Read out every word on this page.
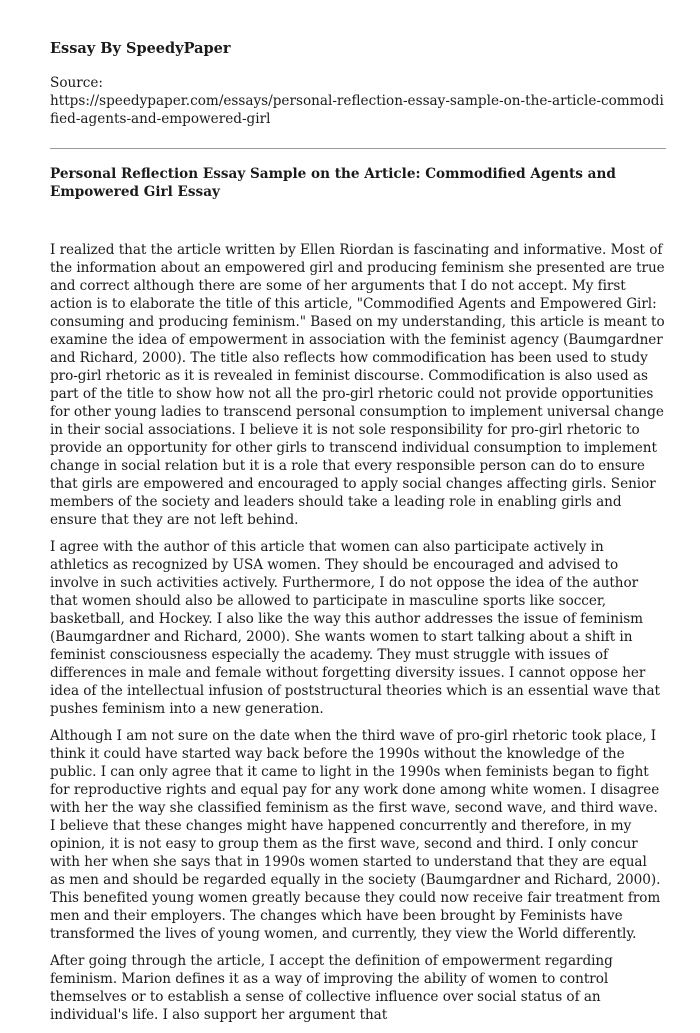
Essay By SpeedyPaper
Source:
https://speedypaper.com/essays/personal-reflection-essay-sample-on-the-article-commodified-agents-and-empowered-girl
Personal Reflection Essay Sample on the Article: Commodified Agents and Empowered Girl Essay

I realized that the article written by Ellen Riordan is fascinating and informative. Most of the information about an empowered girl and producing feminism she presented are true and correct although there are some of her arguments that I do not accept. My first action is to elaborate the title of this article, "Commodified Agents and Empowered Girl: consuming and producing feminism." Based on my understanding, this article is meant to examine the idea of empowerment in association with the feminist agency (Baumgardner and Richard, 2000). The title also reflects how commodification has been used to study pro-girl rhetoric as it is revealed in feminist discourse. Commodification is also used as part of the title to show how not all the pro-girl rhetoric could not provide opportunities for other young ladies to transcend personal consumption to implement universal change in their social associations. I believe it is not sole responsibility for pro-girl rhetoric to provide an opportunity for other girls to transcend individual consumption to implement change in social relation but it is a role that every responsible person can do to ensure that girls are empowered and encouraged to apply social changes affecting girls. Senior members of the society and leaders should take a leading role in enabling girls and ensure that they are not left behind.

I agree with the author of this article that women can also participate actively in athletics as recognized by USA women. They should be encouraged and advised to involve in such activities actively. Furthermore, I do not oppose the idea of the author that women should also be allowed to participate in masculine sports like soccer, basketball, and Hockey. I also like the way this author addresses the issue of feminism (Baumgardner and Richard, 2000). She wants women to start talking about a shift in feminist consciousness especially the academy. They must struggle with issues of differences in male and female without forgetting diversity issues. I cannot oppose her idea of the intellectual infusion of poststructural theories which is an essential wave that pushes feminism into a new generation.

Although I am not sure on the date when the third wave of pro-girl rhetoric took place, I think it could have started way back before the 1990s without the knowledge of the public. I can only agree that it came to light in the 1990s when feminists began to fight for reproductive rights and equal pay for any work done among white women. I disagree with her the way she classified feminism as the first wave, second wave, and third wave. I believe that these changes might have happened concurrently and therefore, in my opinion, it is not easy to group them as the first wave, second and third. I only concur with her when she says that in 1990s women started to understand that they are equal as men and should be regarded equally in the society (Baumgardner and Richard, 2000). This benefited young women greatly because they could now receive fair treatment from men and their employers. The changes which have been brought by Feminists have transformed the lives of young women, and currently, they view the World differently.

After going through the article, I accept the definition of empowerment regarding feminism. Marion defines it as a way of improving the ability of women to control themselves or to establish a sense of collective influence over social status of an individual's life. I also support her argument that
